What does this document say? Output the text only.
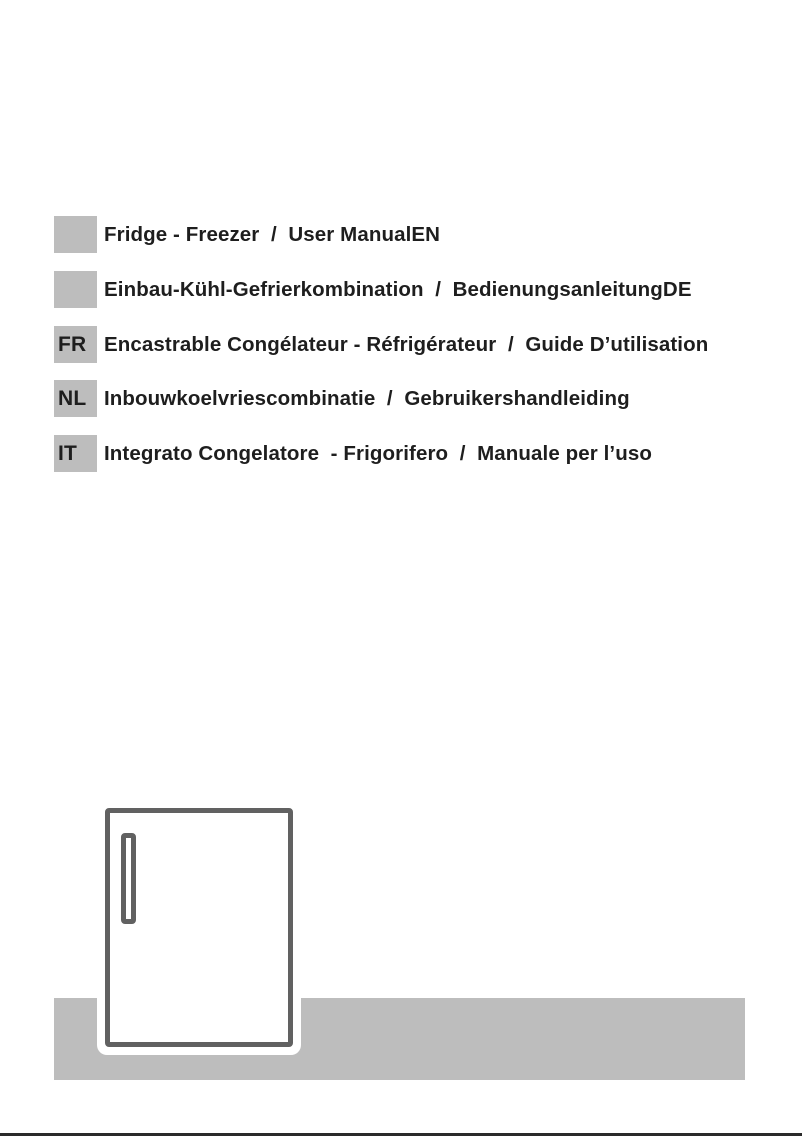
Fridge - Freezer  /  User ManualEN
Einbau-Kühl-Gefrierkombination  /  BedienungsanleitungDE
FR Encastrable Congélateur - Réfrigérateur  /  Guide D’utilisation
NL Inbouwkoelvriescombinatie  /  Gebruikershandleiding
IT	Integrato Congelatore  - Frigorifero  /  Manuale per l’uso
